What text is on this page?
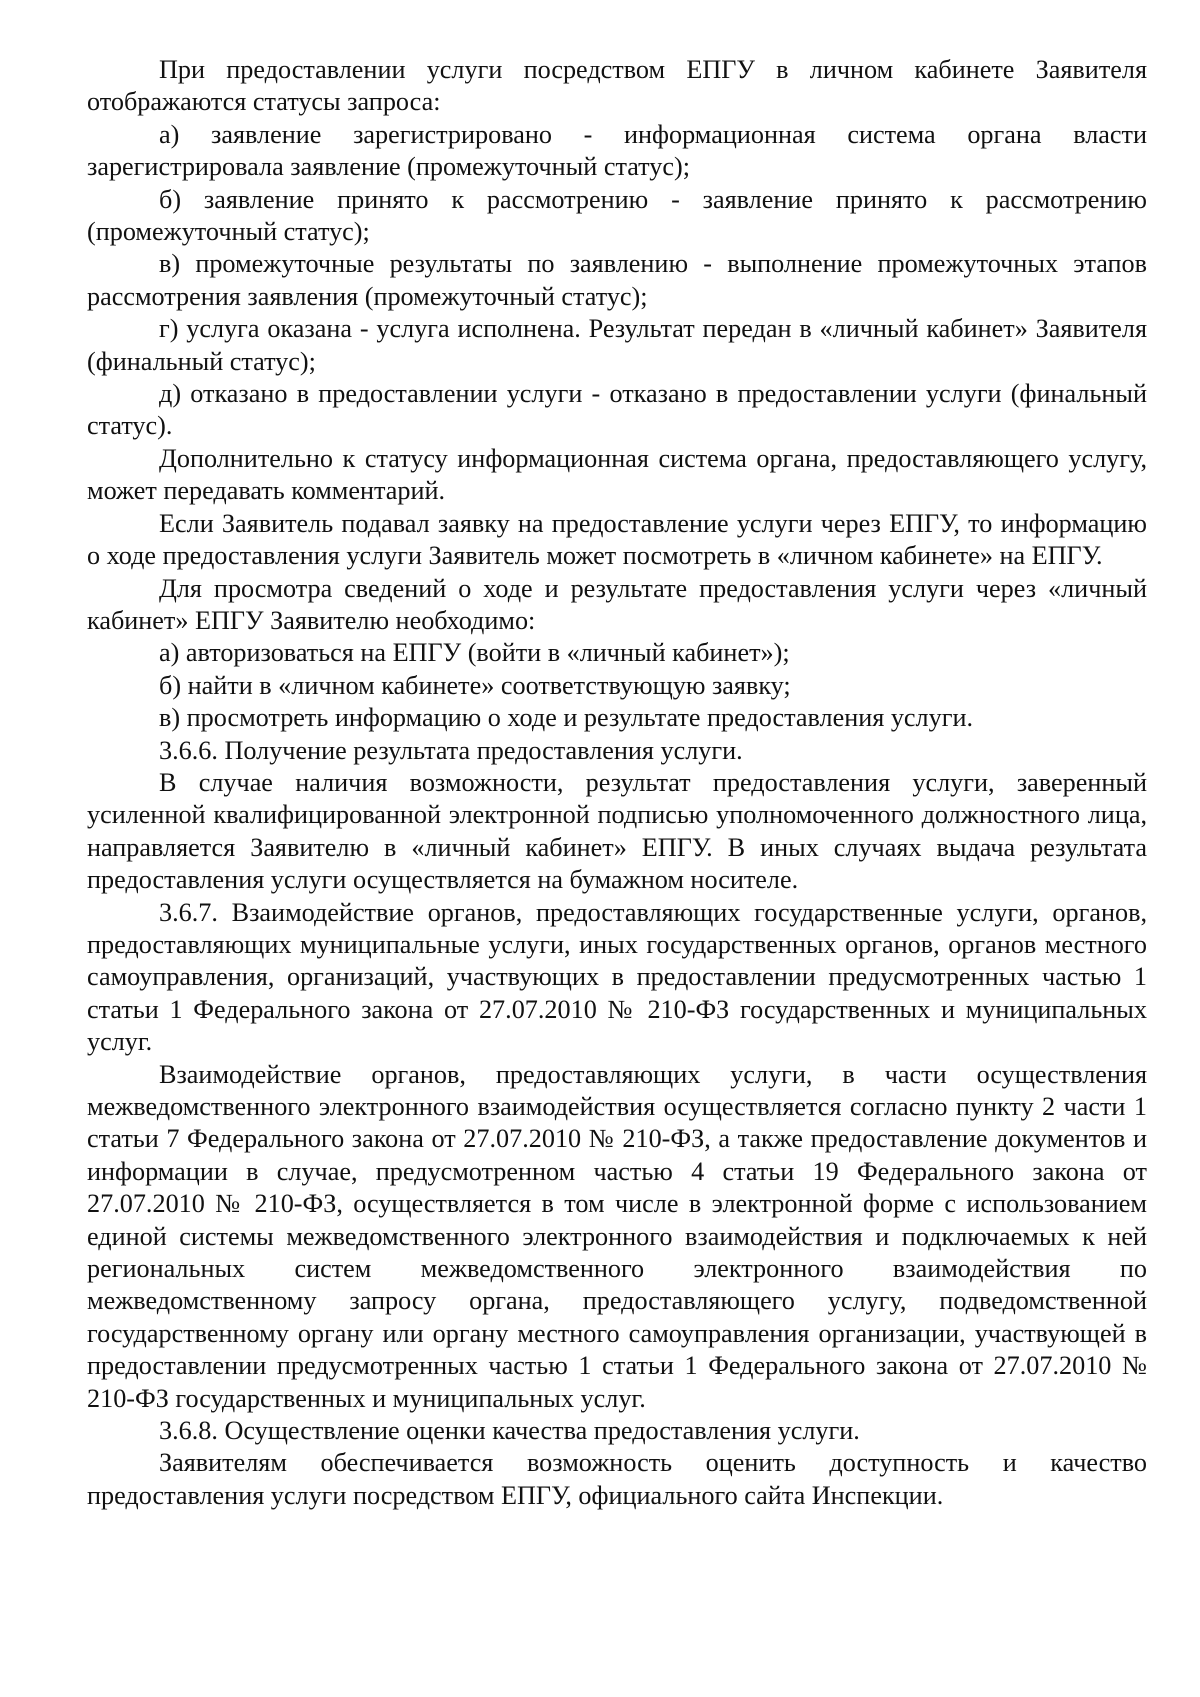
При предоставлении услуги посредством ЕПГУ в личном кабинете Заявителя отображаются статусы запроса:

а) заявление зарегистрировано - информационная система органа власти зарегистрировала заявление (промежуточный статус);

б) заявление принято к рассмотрению - заявление принято к рассмотрению (промежуточный статус);

в) промежуточные результаты по заявлению - выполнение промежуточных этапов рассмотрения заявления (промежуточный статус);

г) услуга оказана - услуга исполнена. Результат передан в «личный кабинет» Заявителя (финальный статус);

д) отказано в предоставлении услуги - отказано в предоставлении услуги (финальный статус).

Дополнительно к статусу информационная система органа, предоставляющего услугу, может передавать комментарий.

Если Заявитель подавал заявку на предоставление услуги через ЕПГУ, то информацию о ходе предоставления услуги Заявитель может посмотреть в «личном кабинете» на ЕПГУ.

Для просмотра сведений о ходе и результате предоставления услуги через «личный кабинет» ЕПГУ Заявителю необходимо:

а) авторизоваться на ЕПГУ (войти в «личный кабинет»);

б) найти в «личном кабинете» соответствующую заявку;

в) просмотреть информацию о ходе и результате предоставления услуги.

3.6.6. Получение результата предоставления услуги.

В случае наличия возможности, результат предоставления услуги, заверенный усиленной квалифицированной электронной подписью уполномоченного должностного лица, направляется Заявителю в «личный кабинет» ЕПГУ. В иных случаях выдача результата предоставления услуги осуществляется на бумажном носителе.

3.6.7. Взаимодействие органов, предоставляющих государственные услуги, органов, предоставляющих муниципальные услуги, иных государственных органов, органов местного самоуправления, организаций, участвующих в предоставлении предусмотренных частью 1 статьи 1 Федерального закона от 27.07.2010 № 210-ФЗ государственных и муниципальных услуг.

Взаимодействие органов, предоставляющих услуги, в части осуществления межведомственного электронного взаимодействия осуществляется согласно пункту 2 части 1 статьи 7 Федерального закона от 27.07.2010 № 210-ФЗ, а также предоставление документов и информации в случае, предусмотренном частью 4 статьи 19 Федерального закона от 27.07.2010 № 210-ФЗ, осуществляется в том числе в электронной форме с использованием единой системы межведомственного электронного взаимодействия и подключаемых к ней региональных систем межведомственного электронного взаимодействия по межведомственному запросу органа, предоставляющего услугу, подведомственной государственному органу или органу местного самоуправления организации, участвующей в предоставлении предусмотренных частью 1 статьи 1 Федерального закона от 27.07.2010 № 210-ФЗ государственных и муниципальных услуг.

3.6.8. Осуществление оценки качества предоставления услуги.

Заявителям обеспечивается возможность оценить доступность и качество предоставления услуги посредством ЕПГУ, официального сайта Инспекции.
